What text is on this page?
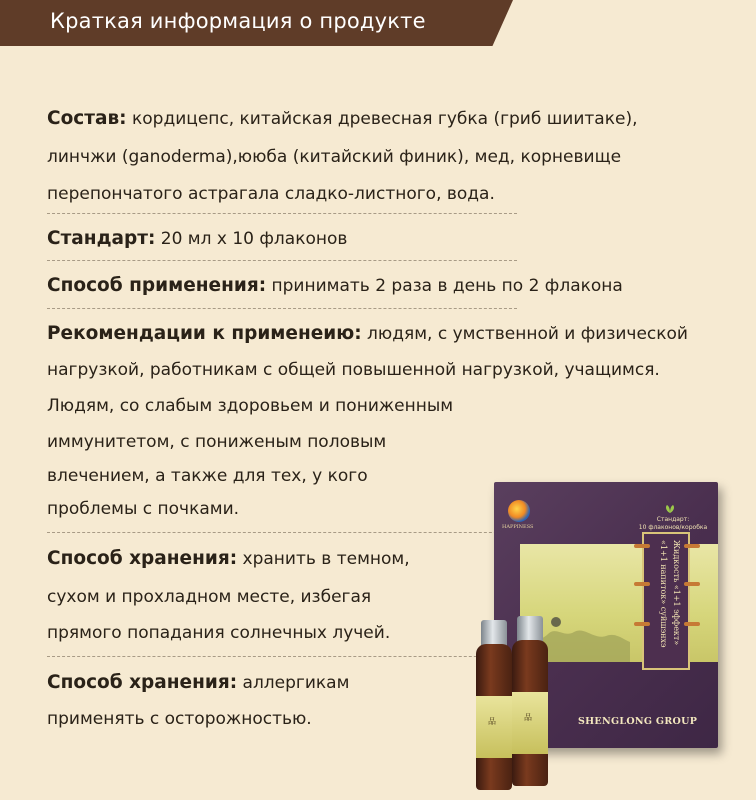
Краткая информация о продукте
Состав: кордицепс, китайская древесная губка (гриб шиитаке),
линчжи (ganoderma),ююба (китайский финик), мед, корневище
перепончатого астрагала сладко-листного, вода.
Стандарт: 20 мл x 10 флаконов
Способ применения: принимать 2 раза в день по 2 флакона
Рекомендации к применеию: людям, с умственной и физической
нагрузкой, работникам с общей повышенной нагрузкой, учащимся.
Людям, со слабым здоровьем и пониженным
иммунитетом, с пониженым половым
влечением, а также для тех, у кого
проблемы с почками.
Способ хранения: хранить в темном,
сухом и прохладном месте, избегая
прямого попадания солнечных лучей.
Способ хранения: аллергикам
применять с осторожностью.
HAPPINESS
Стандарт:
10 флаконов/коробка
Жидкость «1+1 эффект» «1+1 напиток» суйшэнхэ
SHENGLONG GROUP
品	品
